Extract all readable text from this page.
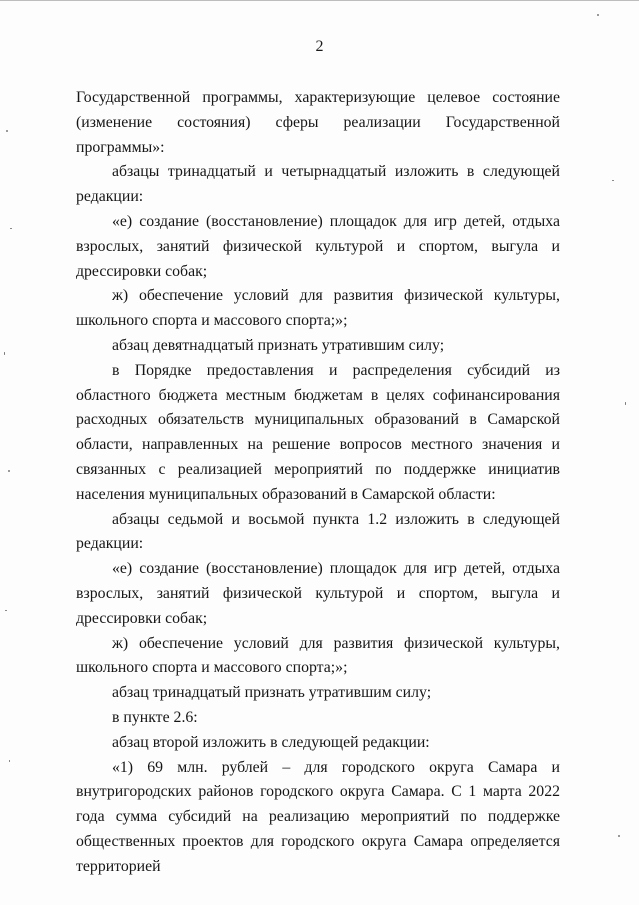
2

Государственной программы, характеризующие целевое состояние (изменение состояния) сферы реализации Государственной программы»:

абзацы тринадцатый и четырнадцатый изложить в следующей редакции:

«е) создание (восстановление) площадок для игр детей, отдыха взрослых, занятий физической культурой и спортом, выгула и дрессировки собак;

ж) обеспечение условий для развития физической культуры, школьного спорта и массового спорта;»;

абзац девятнадцатый признать утратившим силу;

в Порядке предоставления и распределения субсидий из областного бюджета местным бюджетам в целях софинансирования расходных обязательств муниципальных образований в Самарской области, направленных на решение вопросов местного значения и связанных с реализацией мероприятий по поддержке инициатив населения муниципальных образований в Самарской области:

абзацы седьмой и восьмой пункта 1.2 изложить в следующей редакции:

«е) создание (восстановление) площадок для игр детей, отдыха взрослых, занятий физической культурой и спортом, выгула и дрессировки собак;

ж) обеспечение условий для развития физической культуры, школьного спорта и массового спорта;»;

абзац тринадцатый признать утратившим силу;

в пункте 2.6:

абзац второй изложить в следующей редакции:

«1) 69 млн. рублей – для городского округа Самара и внутригородских районов городского округа Самара. С 1 марта 2022 года сумма субсидий на реализацию мероприятий по поддержке общественных проектов для городского округа Самара определяется территорией
